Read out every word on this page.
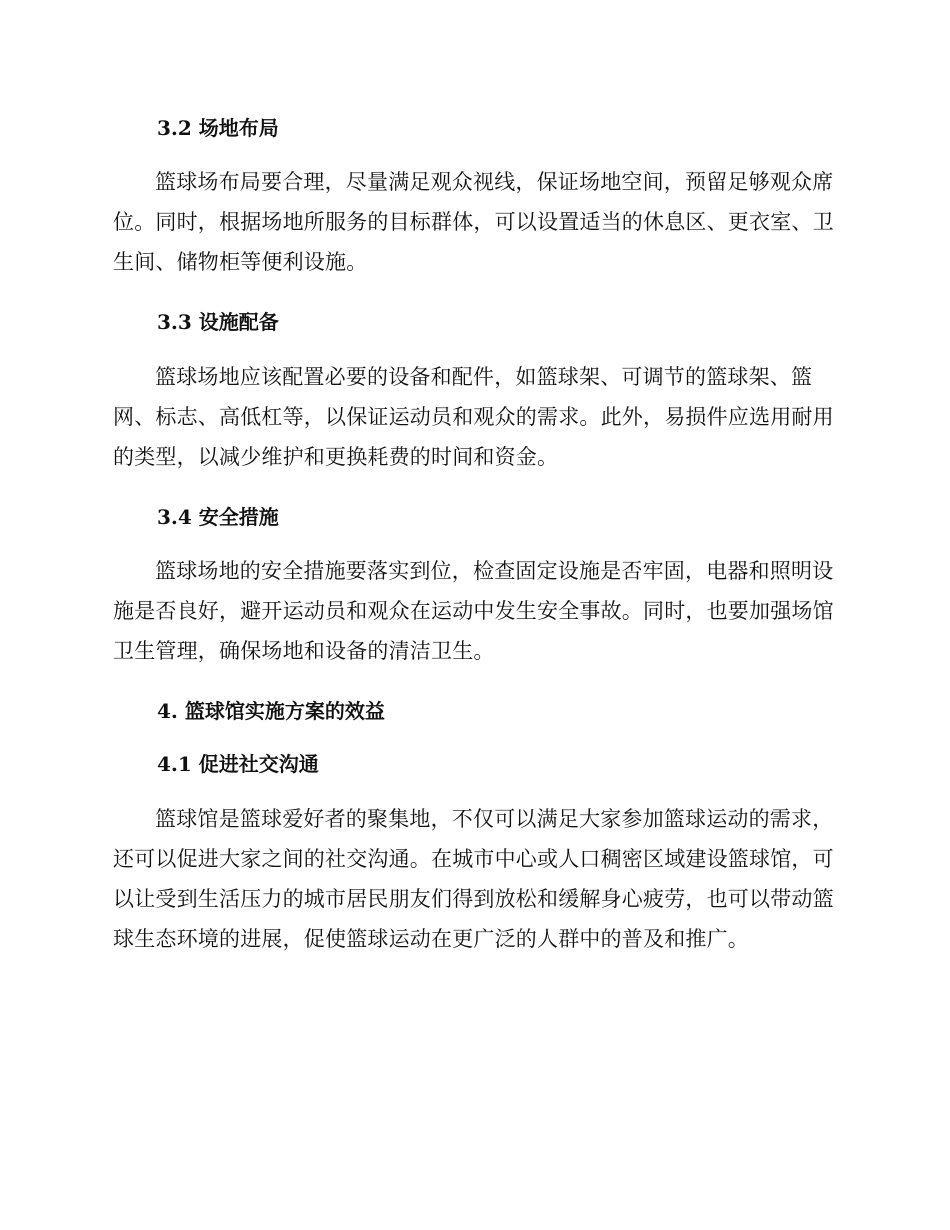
3.2 场地布局

篮球场布局要合理，尽量满足观众视线，保证场地空间，预留足够观众席位。同时，根据场地所服务的目标群体，可以设置适当的休息区、更衣室、卫生间、储物柜等便利设施。

3.3 设施配备

篮球场地应该配置必要的设备和配件，如篮球架、可调节的篮球架、篮网、标志、高低杠等，以保证运动员和观众的需求。此外，易损件应选用耐用的类型，以减少维护和更换耗费的时间和资金。

3.4 安全措施

篮球场地的安全措施要落实到位，检查固定设施是否牢固，电器和照明设施是否良好，避开运动员和观众在运动中发生安全事故。同时，也要加强场馆卫生管理，确保场地和设备的清洁卫生。

4. 篮球馆实施方案的效益
4.1 促进社交沟通

篮球馆是篮球爱好者的聚集地，不仅可以满足大家参加篮球运动的需求，还可以促进大家之间的社交沟通。在城市中心或人口稠密区域建设篮球馆，可以让受到生活压力的城市居民朋友们得到放松和缓解身心疲劳，也可以带动篮球生态环境的进展，促使篮球运动在更广泛的人群中的普及和推广。
